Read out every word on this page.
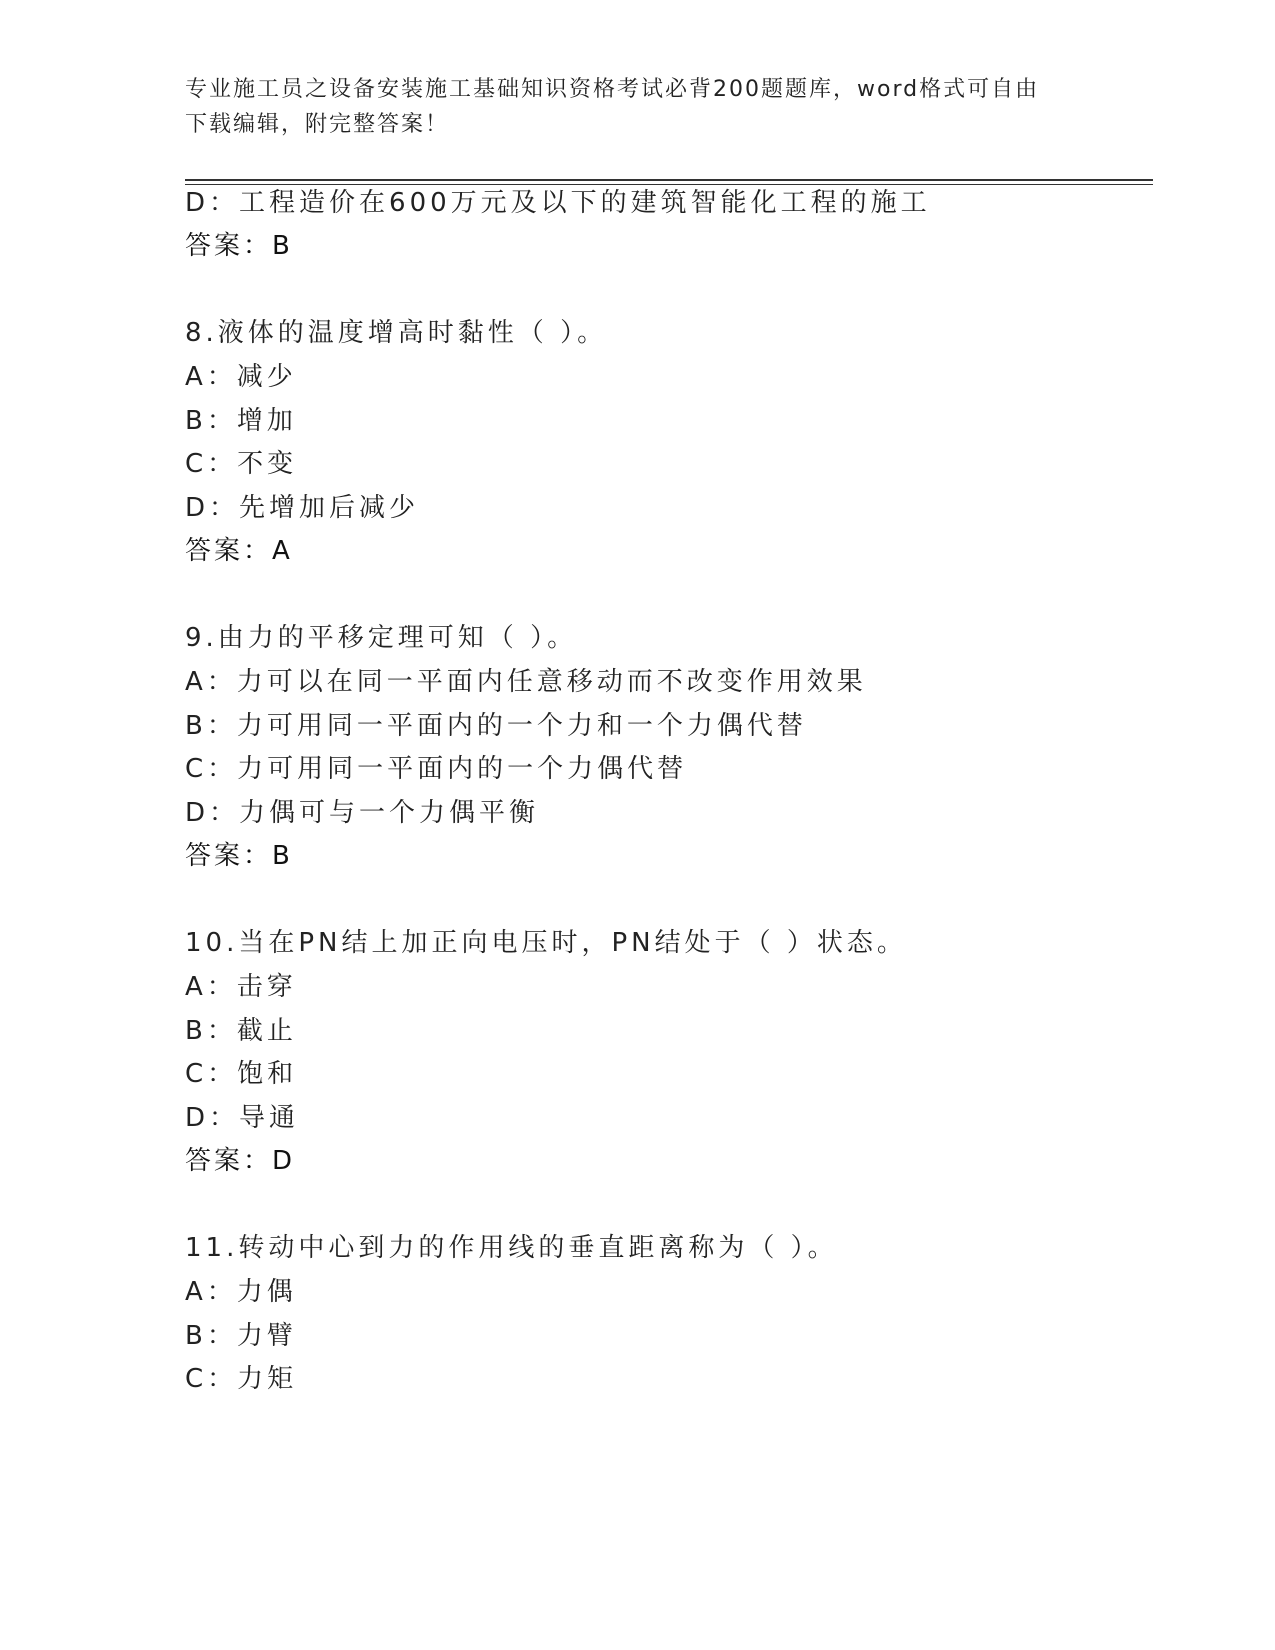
专业施工员之设备安装施工基础知识资格考试必背200题题库，word格式可自由
下载编辑，附完整答案！
D：工程造价在600万元及以下的建筑智能化工程的施工
答案：B
8.液体的温度增高时黏性（ ）。
A：减少
B：增加
C：不变
D：先增加后减少
答案：A
9.由力的平移定理可知（ ）。
A：力可以在同一平面内任意移动而不改变作用效果
B：力可用同一平面内的一个力和一个力偶代替
C：力可用同一平面内的一个力偶代替
D：力偶可与一个力偶平衡
答案：B
10.当在PN结上加正向电压时，PN结处于（ ）状态。
A：击穿
B：截止
C：饱和
D：导通
答案：D
11.转动中心到力的作用线的垂直距离称为（ ）。
A：力偶
B：力臂
C：力矩
